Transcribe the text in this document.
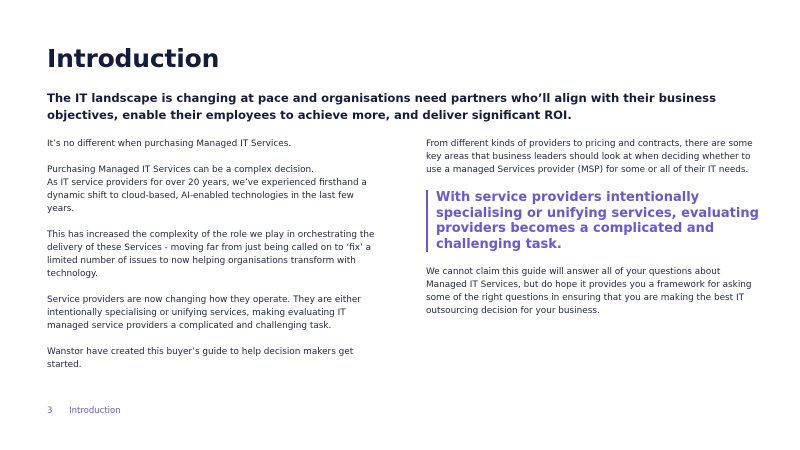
Introduction

The IT landscape is changing at pace and organisations need partners who’ll align with their business objectives, enable their employees to achieve more, and deliver significant ROI.

It’s no different when purchasing Managed IT Services.

Purchasing Managed IT Services can be a complex decision.
As IT service providers for over 20 years, we’ve experienced firsthand a dynamic shift to cloud-based, AI-enabled technologies in the last few years.

This has increased the complexity of the role we play in orchestrating the delivery of these Services - moving far from just being called on to ‘fix’ a limited number of issues to now helping organisations transform with technology.

Service providers are now changing how they operate. They are either intentionally specialising or unifying services, making evaluating IT managed service providers a complicated and challenging task.

Wanstor have created this buyer’s guide to help decision makers get started.

From different kinds of providers to pricing and contracts, there are some key areas that business leaders should look at when deciding whether to use a managed Services provider (MSP) for some or all of their IT needs.

With service providers intentionally specialising or unifying services, evaluating providers becomes a complicated and challenging task.

We cannot claim this guide will answer all of your questions about Managed IT Services, but do hope it provides you a framework for asking some of the right questions in ensuring that you are making the best IT outsourcing decision for your business.

3 Introduction
